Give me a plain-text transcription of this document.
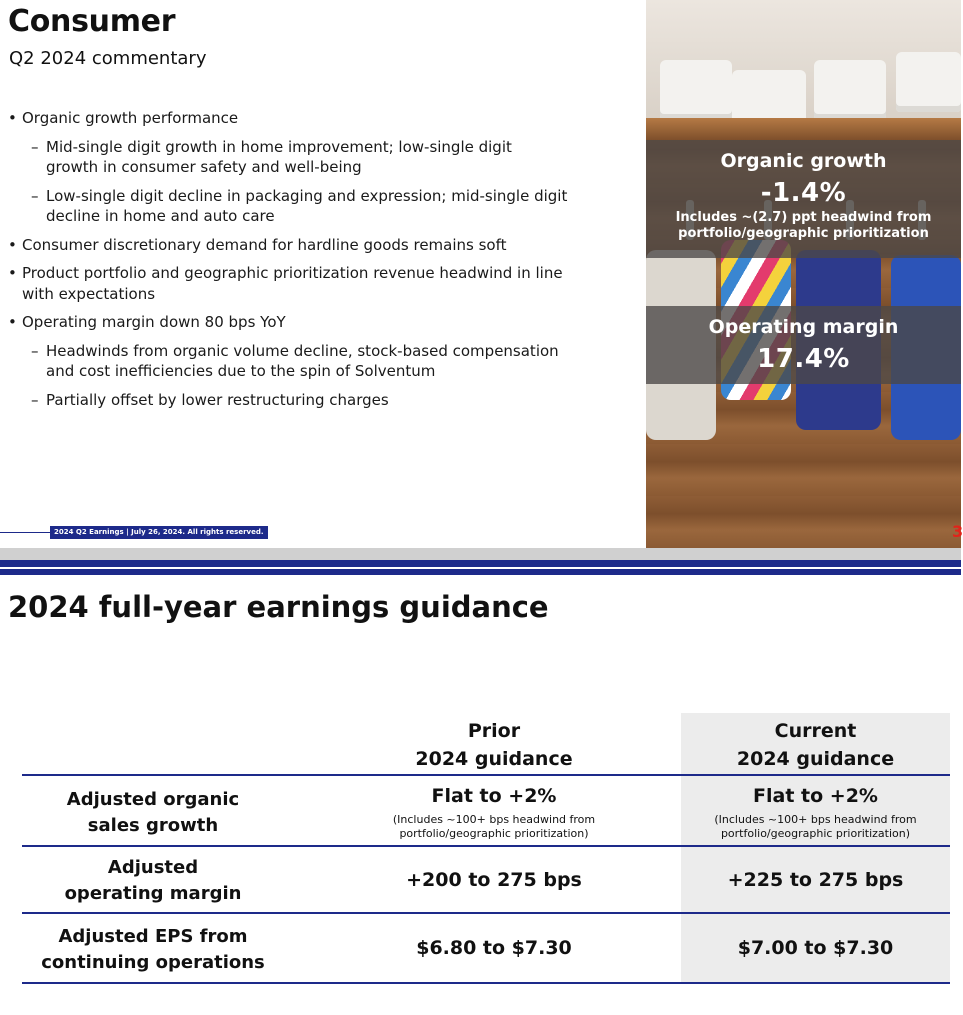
Consumer
Q2 2024 commentary
• Organic growth performance
– Mid-single digit growth in home improvement; low-single digit growth in consumer safety and well-being
– Low-single digit decline in packaging and expression; mid-single digit decline in home and auto care
• Consumer discretionary demand for hardline goods remains soft
• Product portfolio and geographic prioritization revenue headwind in line with expectations
• Operating margin down 80 bps YoY
– Headwinds from organic volume decline, stock-based compensation and cost inefficiencies due to the spin of Solventum
– Partially offset by lower restructuring charges
2024 Q2 Earnings | July 26, 2024. All rights reserved.
Organic growth
-1.4%
Includes ~(2.7) ppt headwind from
portfolio/geographic prioritization
Operating margin
17.4%
3
2024 full-year earnings guidance
Prior
2024 guidance
Current
2024 guidance
Adjusted organic
sales growth
Flat to +2%
(Includes ~100+ bps headwind from
portfolio/geographic prioritization)
Flat to +2%
(Includes ~100+ bps headwind from
portfolio/geographic prioritization)
Adjusted
operating margin
+200 to 275 bps	+225 to 275 bps
Adjusted EPS from
continuing operations
$6.80 to $7.30	$7.00 to $7.30
